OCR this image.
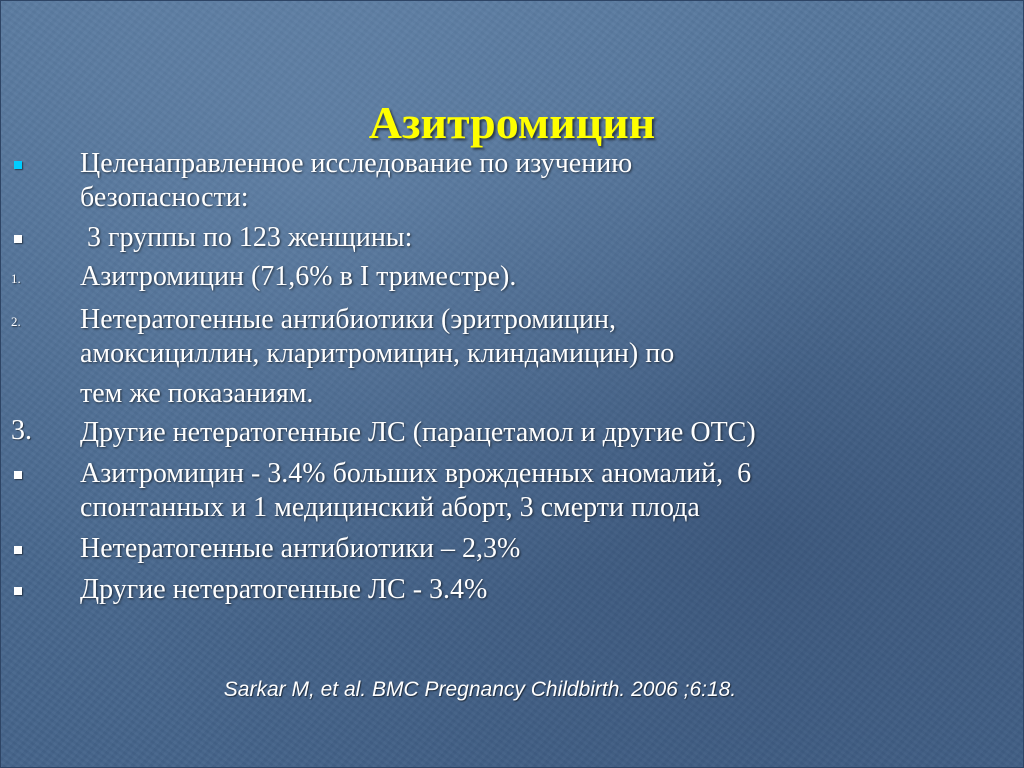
Азитромицин
Целенаправленное исследование по изучению
безопасности:
3 группы по 123 женщины:
1. Азитромицин (71,6% в I триместре).
2. Нетератогенные антибиотики (эритромицин,
амоксициллин, кларитромицин, клиндамицин) по
тем же показаниям.
3. Другие нетератогенные ЛС (парацетамол и другие OTC)
Азитромицин - 3.4% больших врожденных аномалий,  6
спонтанных и 1 медицинский аборт, 3 смерти плода
Нетератогенные антибиотики – 2,3%
Другие нетератогенные ЛС - 3.4%
Sarkar M, et al. BMC Pregnancy Childbirth. 2006 ;6:18.
